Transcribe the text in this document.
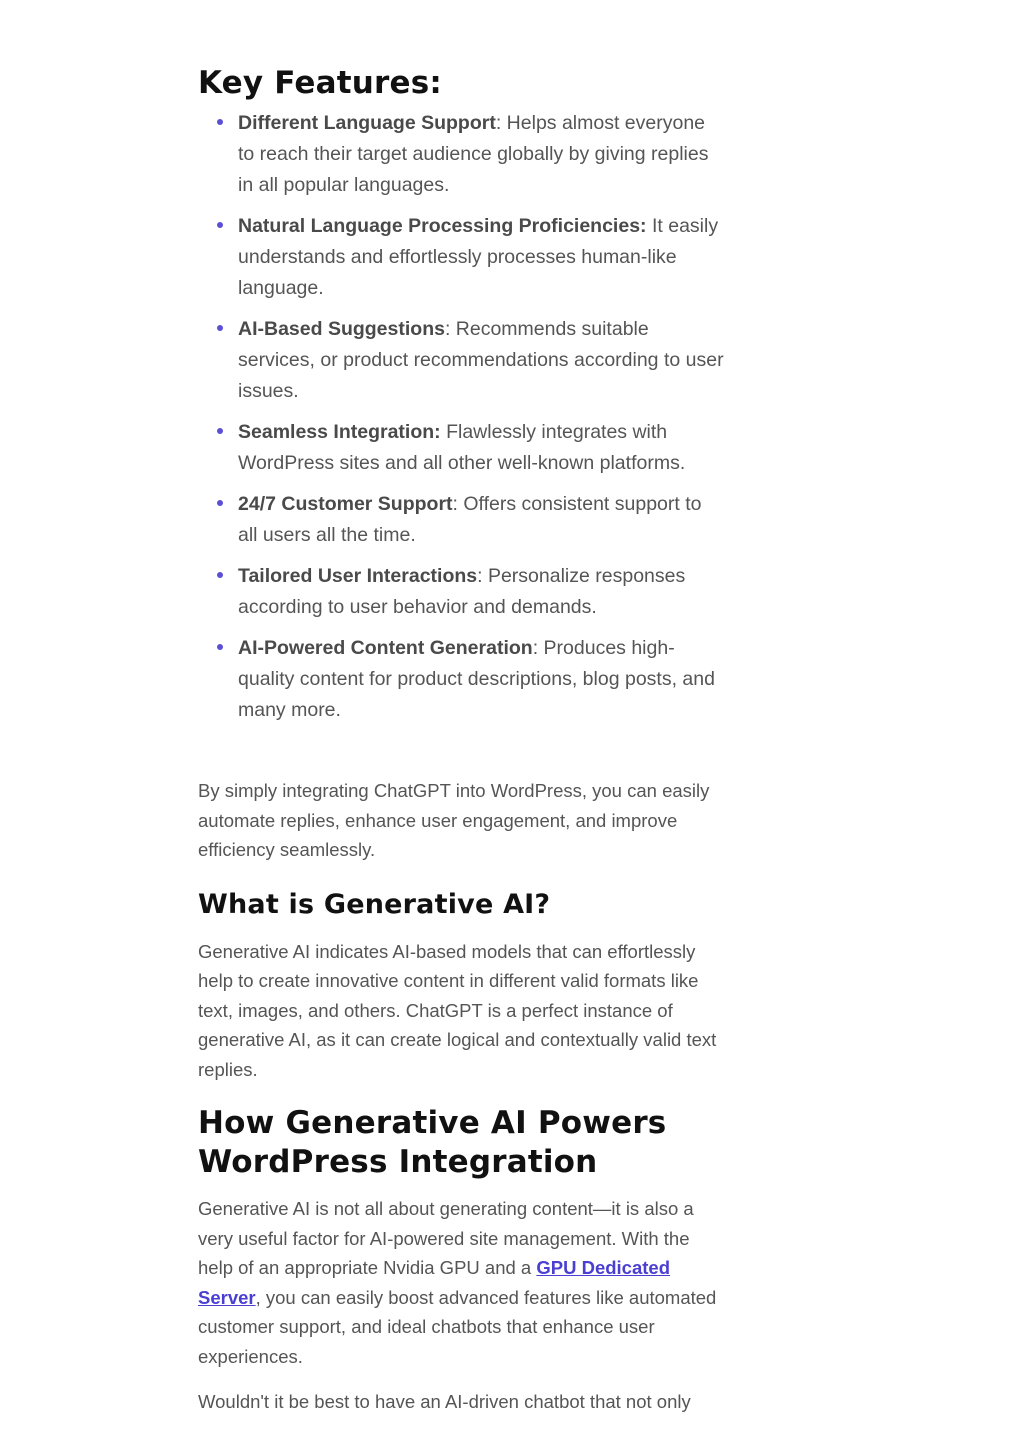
Key Features:
Different Language Support: Helps almost everyone to reach their target audience globally by giving replies in all popular languages.
Natural Language Processing Proficiencies: It easily understands and effortlessly processes human-like language.
AI-Based Suggestions: Recommends suitable services, or product recommendations according to user issues.
Seamless Integration: Flawlessly integrates with WordPress sites and all other well-known platforms.
24/7 Customer Support: Offers consistent support to all users all the time.
Tailored User Interactions: Personalize responses according to user behavior and demands.
AI-Powered Content Generation: Produces high-quality content for product descriptions, blog posts, and many more.

By simply integrating ChatGPT into WordPress, you can easily automate replies, enhance user engagement, and improve efficiency seamlessly.

What is Generative AI?

Generative AI indicates AI-based models that can effortlessly help to create innovative content in different valid formats like text, images, and others. ChatGPT is a perfect instance of generative AI, as it can create logical and contextually valid text replies.

How Generative AI Powers WordPress Integration

Generative AI is not all about generating content—it is also a very useful factor for AI-powered site management. With the help of an appropriate Nvidia GPU and a GPU Dedicated Server, you can easily boost advanced features like automated customer support, and ideal chatbots that enhance user experiences.

Wouldn't it be best to have an AI-driven chatbot that not only
